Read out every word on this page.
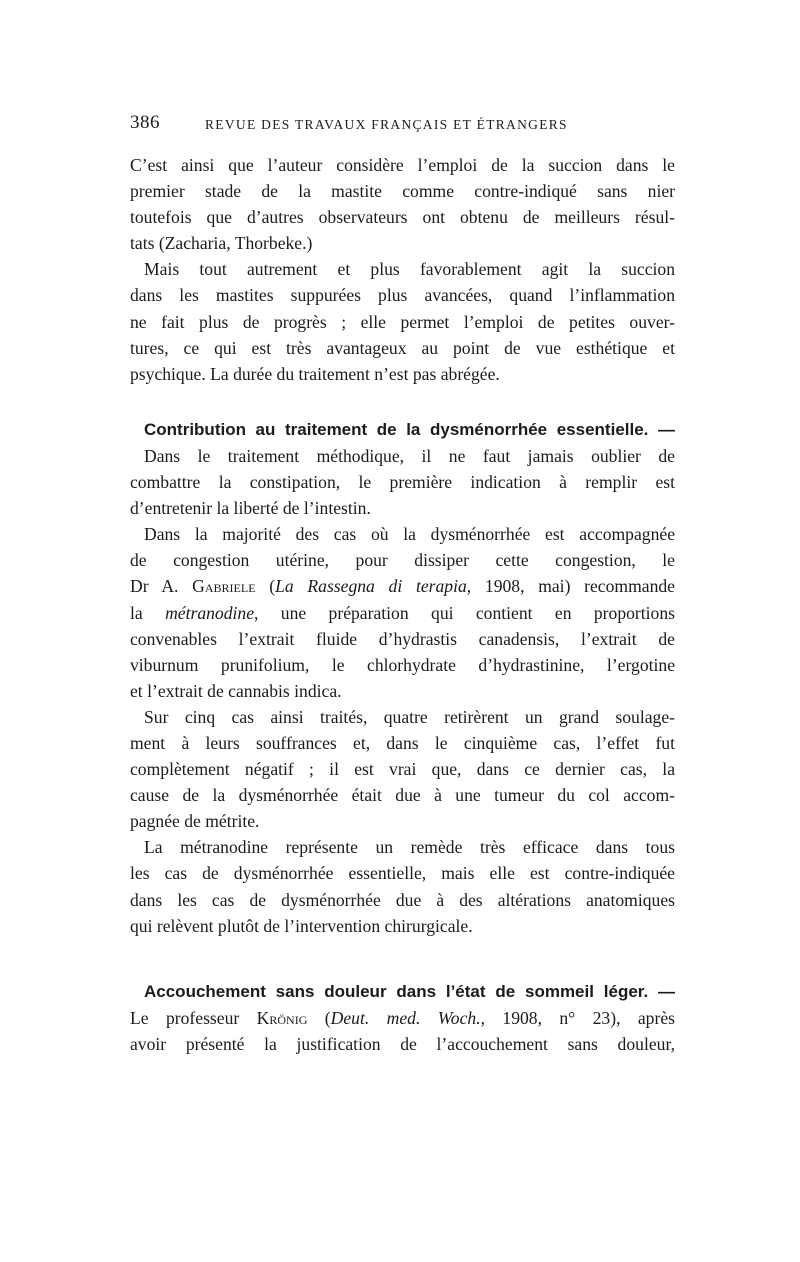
386	REVUE DES TRAVAUX FRANÇAIS ET ÉTRANGERS
C’est ainsi que l’auteur considère l’emploi de la succion dans le
premier stade de la mastite comme contre-indiqué sans nier
toutefois que d’autres observateurs ont obtenu de meilleurs résul-
tats (Zacharia, Thorbeke.)
Mais tout autrement et plus favorablement agit la succion
dans les mastites suppurées plus avancées, quand l’inflammation
ne fait plus de progrès ; elle permet l’emploi de petites ouver-
tures, ce qui est très avantageux au point de vue esthétique et
psychique. La durée du traitement n’est pas abrégée.
Contribution au traitement de la dysménorrhée essentielle. —
Dans le traitement méthodique, il ne faut jamais oublier de
combattre la constipation, le première indication à remplir est
d’entretenir la liberté de l’intestin.
Dans la majorité des cas où la dysménorrhée est accompagnée
de congestion utérine, pour dissiper cette congestion, le
Dr A. Gabriele (La Rassegna di terapia, 1908, mai) recommande
la métranodine, une préparation qui contient en proportions
convenables l’extrait fluide d’hydrastis canadensis, l’extrait de
viburnum prunifolium, le chlorhydrate d’hydrastinine, l’ergotine
et l’extrait de cannabis indica.
Sur cinq cas ainsi traités, quatre retirèrent un grand soulage-
ment à leurs souffrances et, dans le cinquième cas, l’effet fut
complètement négatif ; il est vrai que, dans ce dernier cas, la
cause de la dysménorrhée était due à une tumeur du col accom-
pagnée de métrite.
La métranodine représente un remède très efficace dans tous
les cas de dysménorrhée essentielle, mais elle est contre-indiquée
dans les cas de dysménorrhée due à des altérations anatomiques
qui relèvent plutôt de l’intervention chirurgicale.
Accouchement sans douleur dans l’état de sommeil léger. —
Le professeur Krönig (Deut. med. Woch., 1908, n° 23), après
avoir présenté la justification de l’accouchement sans douleur,
